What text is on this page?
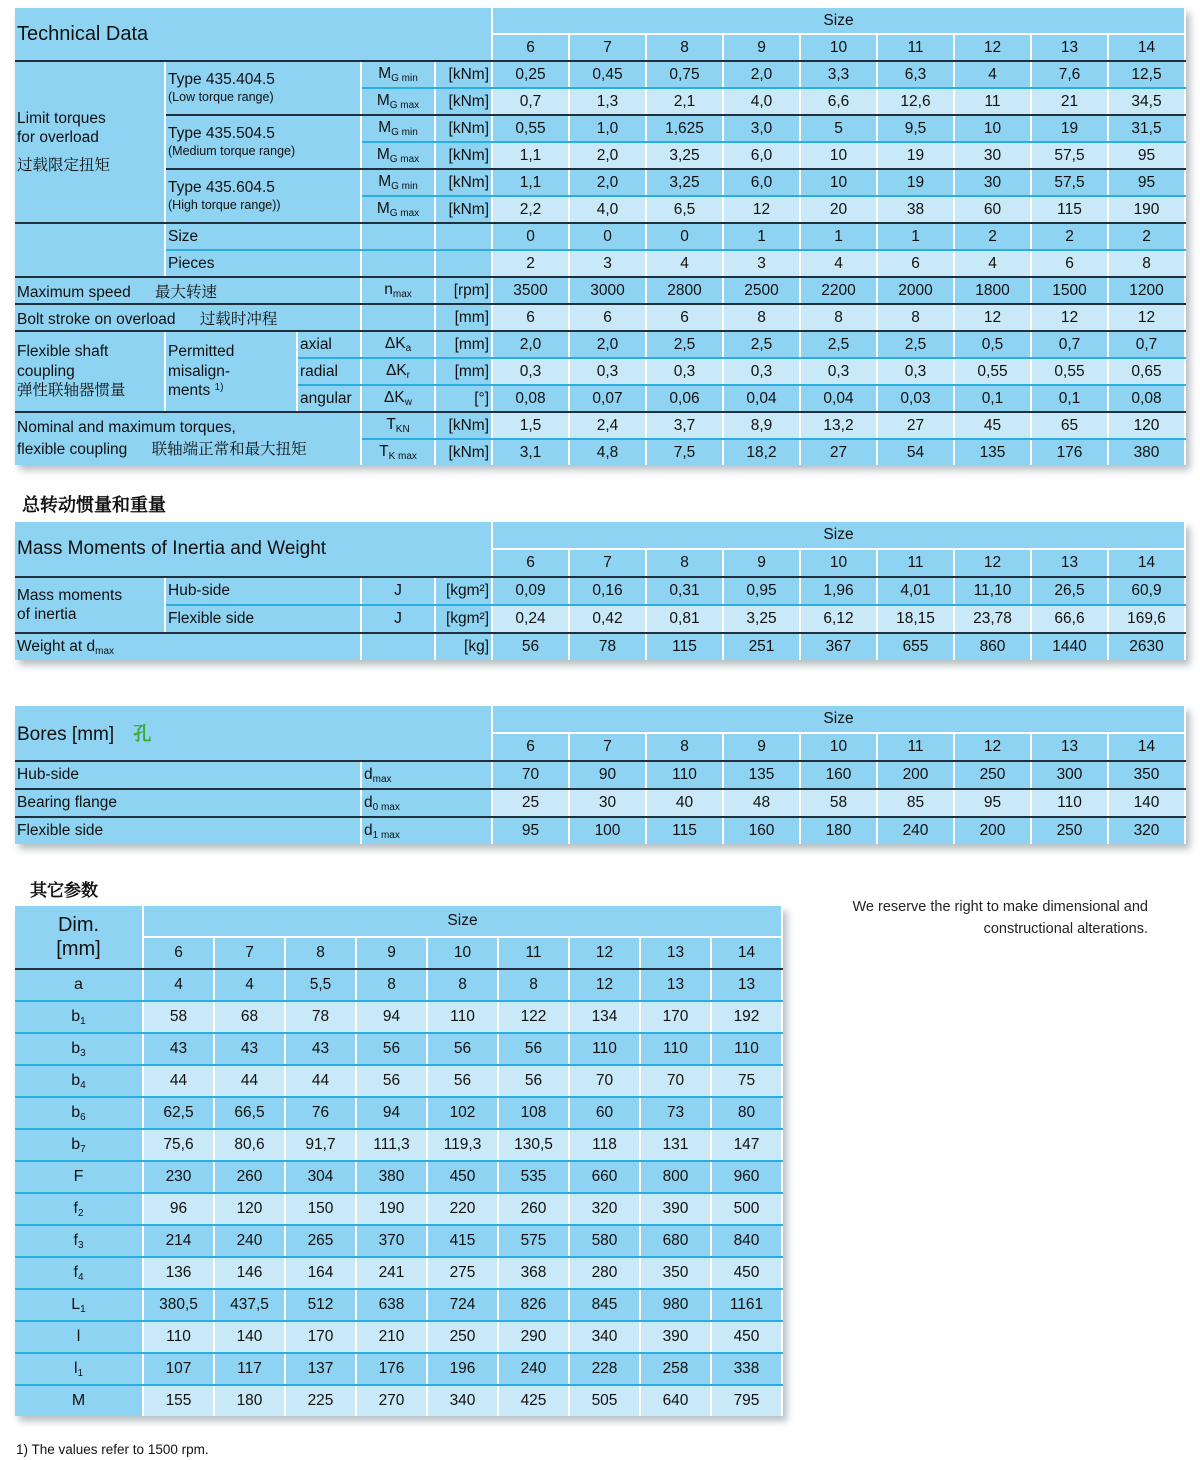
Technical Data					Size								
					6	7	8	9	10	11	12	13	14

Limit torques
for overload
过载限定扭矩

Type 435.404.5
(Low torque range)
	$M_{G min}$	[kNm]	0,25	0,45	0,75	2,0	3,3	6,3	4	7,6	12,5
			$M_{G max}$	[kNm]	0,7	1,3	2,1	4,0	6,6	12,6	11	21	34,5

	Type 435.504.5
(Medium torque range)		$M_{G min}$	[kNm]	0,55	1,0	1,625	3,0	5	9,5	10	19	31,5
			$M_{G max}$	[kNm]	1,1	2,0	3,25	6,0	10	19	30	57,5	95

	Type 435.604.5
(High torque range))		$M_{G min}$	[kNm]	1,1	2,0	3,25	6,0	10	19	30	57,5	95
			$M_{G max}$	[kNm]	2,2	4,0	6,5	12	20	38	60	115	190
	Size				0	0	0	1	1	1	2	2	2
	Pieces				2	3	4	3	4	6	4	6	8
Maximum speed 最大转速			$n_{max}$	[rpm]	3500	3000	2800	2500	2200	2000	1800	1500	1200
Bolt stroke on overload 过载时冲程				[mm]	6	6	6	8	8	8	12	12	12

Flexible shaft
coupling
弹性联轴器惯量

Permitted
misalign-
ments $^{1)}$
	axial	$\Delta K_a$	[mm]	2,0	2,0	2,5	2,5	2,5	2,5	0,5	0,7	0,7
		radial	$\Delta K_r$	[mm]	0,3	0,3	0,3	0,3	0,3	0,3	0,55	0,55	0,65
		angular	$\Delta K_w$	[°]	0,08	0,07	0,06	0,04	0,04	0,03	0,1	0,1	0,08

Nominal and maximum torques,
flexible coupling 联轴端正常和最大扭矩			$T_{KN}$	[kNm]	1,5	2,4	3,7	8,9	13,2	27	45	65	120
			$T_{K max}$	[kNm]	3,1	4,8	7,5	18,2	27	54	135	176	380
总转动惯量和重量
Mass Moments of Inertia and Weight				Size								
				6	7	8	9	10	11	12	13	14

Mass moments
of inertia	Hub-side	J	[kgm²]	0,09	0,16	0,31	0,95	1,96	4,01	11,10	26,5	60,9
	Flexible side	J	[kgm²]	0,24	0,42	0,81	3,25	6,12	18,15	23,78	66,6	169,6
Weight at $d_{max}$			[kg]	56	78	115	251	367	655	860	1440	2630
Bores [mm] 孔		Size								
		6	7	8	9	10	11	12	13	14
Hub-side	$d_{max}$	70	90	110	135	160	200	250	300	350
Bearing flange	$d_{0 max}$	25	30	40	48	58	85	95	110	140
Flexible side	$d_{1 max}$	95	100	115	160	180	240	200	250	320
其它参数
Dim.
[mm]	Size								
	6	7	8	9	10	11	12	13	14
a	4	4	5,5	8	8	8	12	13	13
$b_1$	58	68	78	94	110	122	134	170	192
$b_3$	43	43	43	56	56	56	110	110	110
$b_4$	44	44	44	56	56	56	70	70	75
$b_6$	62,5	66,5	76	94	102	108	60	73	80
$b_7$	75,6	80,6	91,7	111,3	119,3	130,5	118	131	147
F	230	260	304	380	450	535	660	800	960
$f_2$	96	120	150	190	220	260	320	390	500
$f_3$	214	240	265	370	415	575	580	680	840
$f_4$	136	146	164	241	275	368	280	350	450
$L_1$	380,5	437,5	512	638	724	826	845	980	1161
l	110	140	170	210	250	290	340	390	450
$l_1$	107	117	137	176	196	240	228	258	338
M	155	180	225	270	340	425	505	640	795
We reserve the right to make dimensional and
constructional alterations.
1) The values refer to 1500 rpm.
